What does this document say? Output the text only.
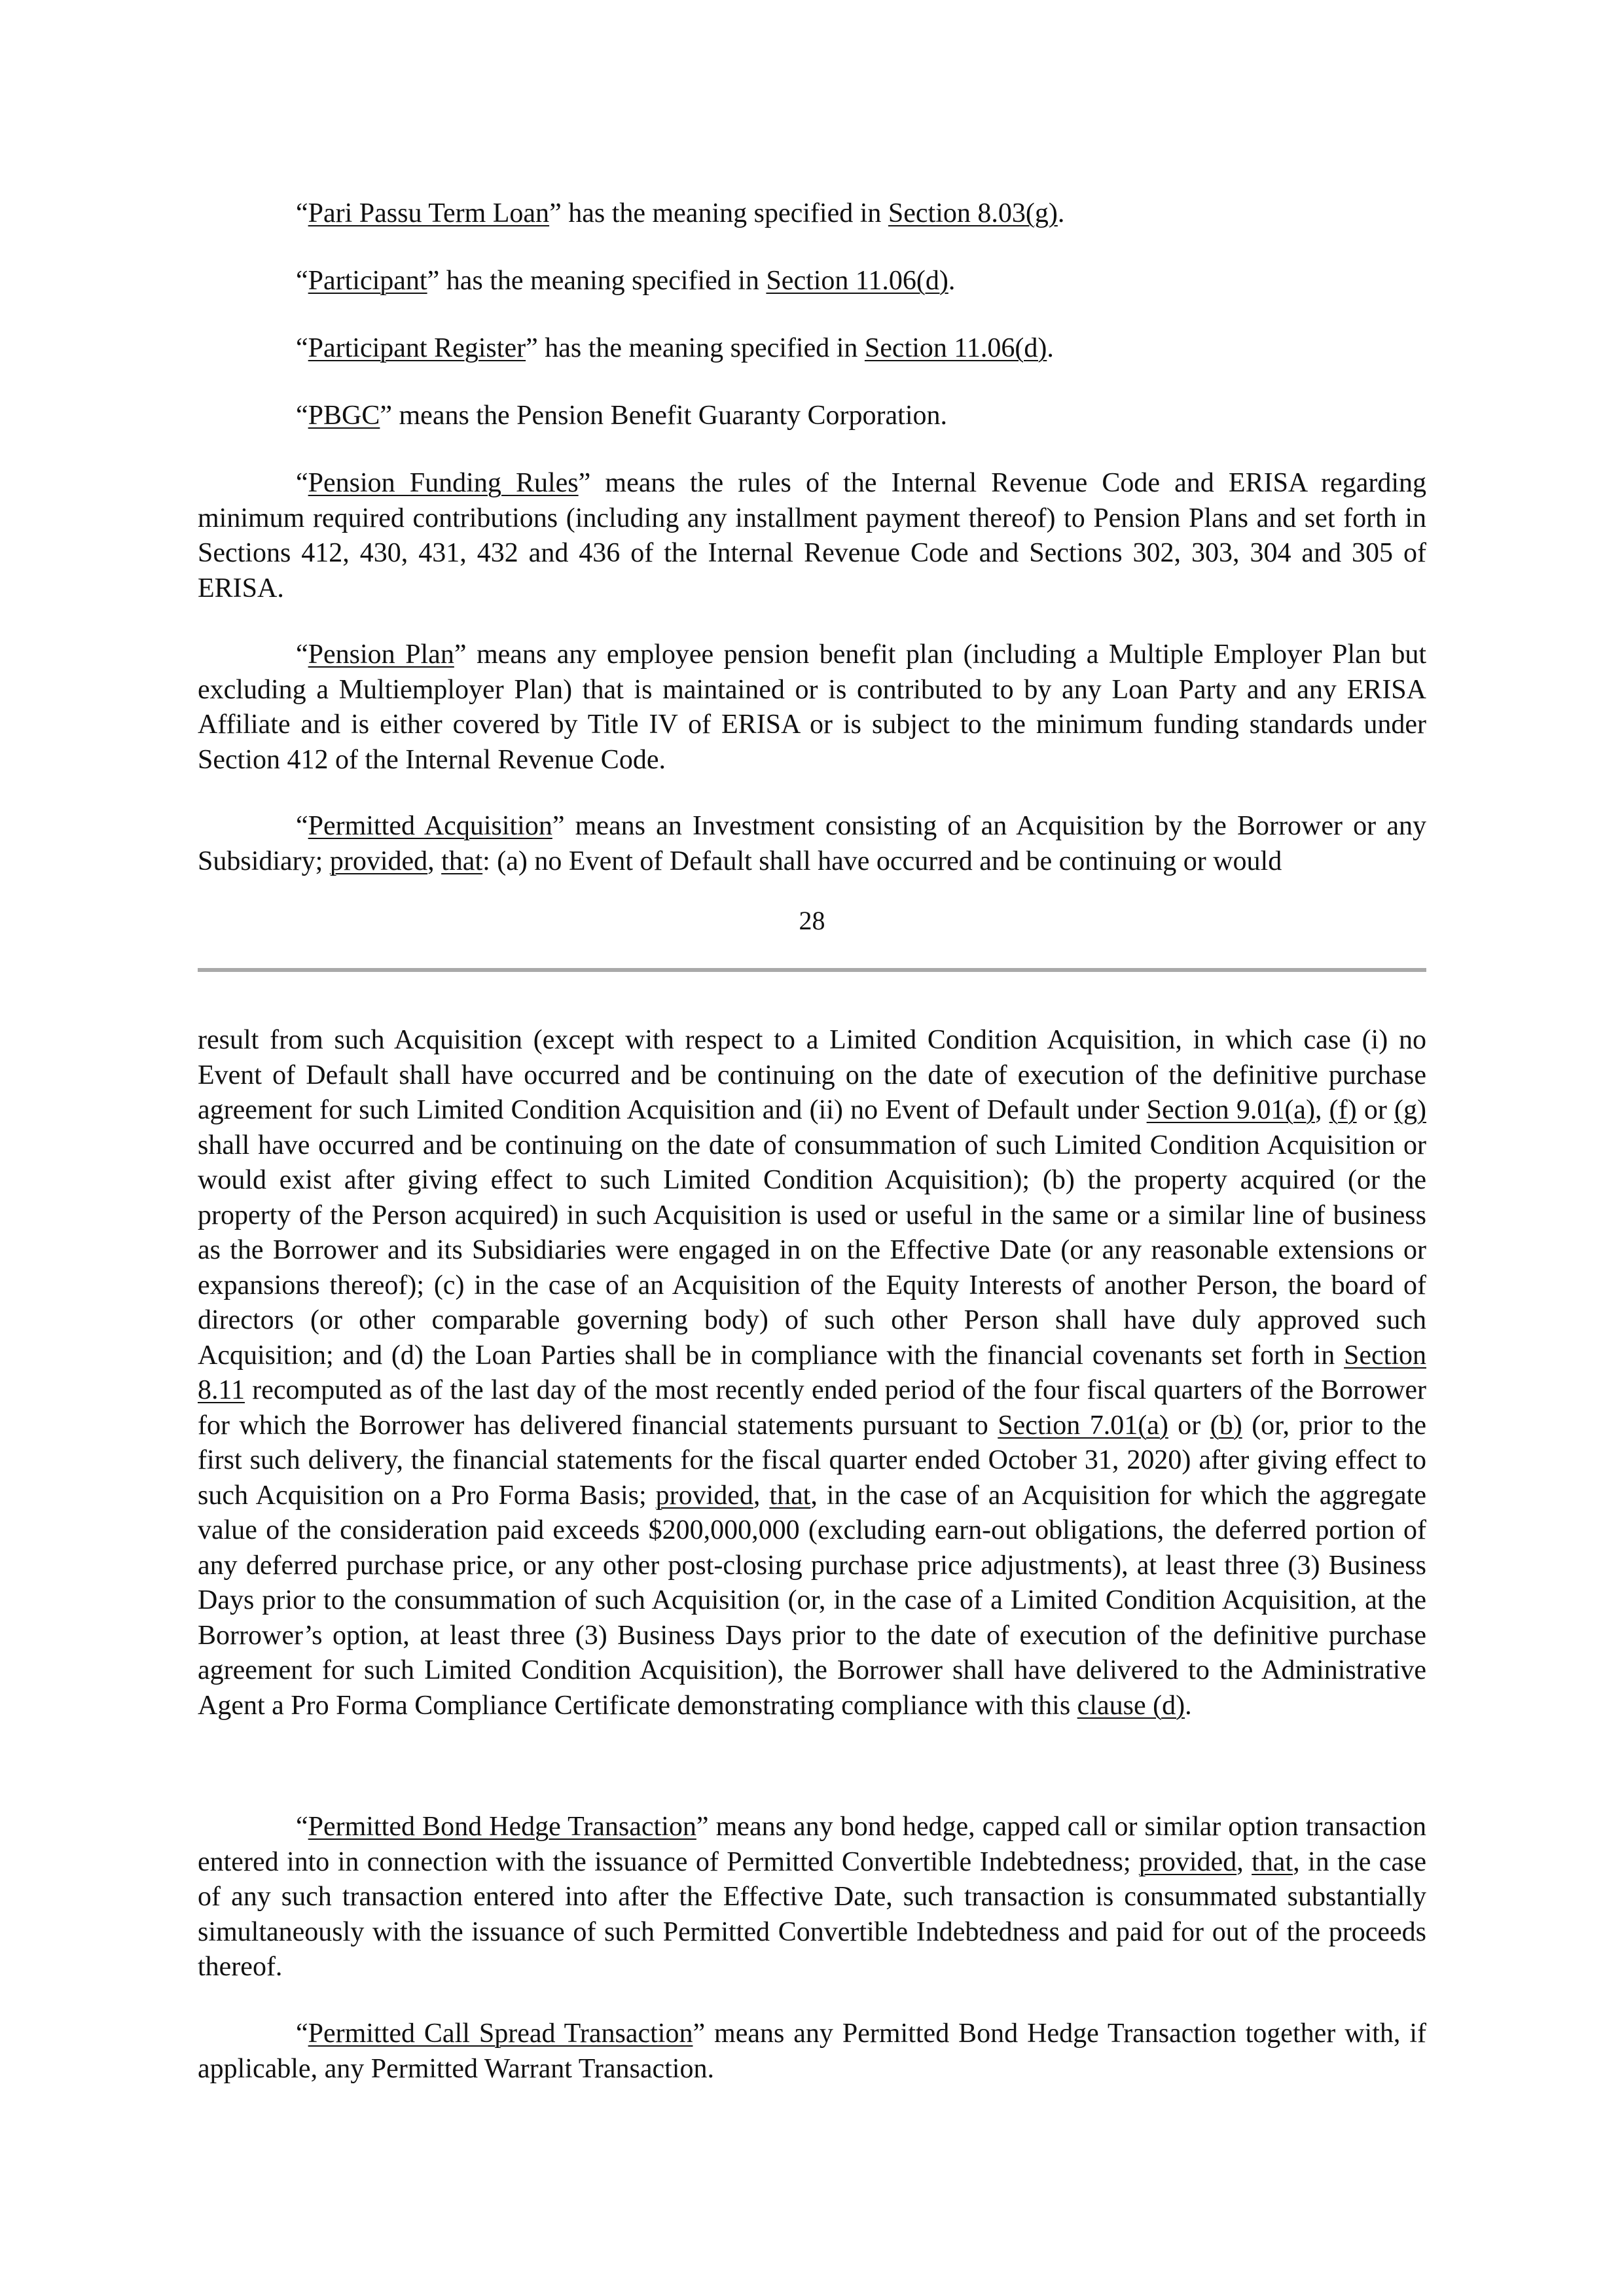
“Pari Passu Term Loan” has the meaning specified in Section 8.03(g).

“Participant” has the meaning specified in Section 11.06(d).

“Participant Register” has the meaning specified in Section 11.06(d).

“PBGC” means the Pension Benefit Guaranty Corporation.

“Pension Funding Rules” means the rules of the Internal Revenue Code and ERISA regarding minimum required contributions (including any installment payment thereof) to Pension Plans and set forth in Sections 412, 430, 431, 432 and 436 of the Internal Revenue Code and Sections 302, 303, 304 and 305 of ERISA.

“Pension Plan” means any employee pension benefit plan (including a Multiple Employer Plan but excluding a Multiemployer Plan) that is maintained or is contributed to by any Loan Party and any ERISA Affiliate and is either covered by Title IV of ERISA or is subject to the minimum funding standards under Section 412 of the Internal Revenue Code.

“Permitted Acquisition” means an Investment consisting of an Acquisition by the Borrower or any Subsidiary; provided, that: (a) no Event of Default shall have occurred and be continuing or would

28

result from such Acquisition (except with respect to a Limited Condition Acquisition, in which case (i) no Event of Default shall have occurred and be continuing on the date of execution of the definitive purchase agreement for such Limited Condition Acquisition and (ii) no Event of Default under Section 9.01(a), (f) or (g) shall have occurred and be continuing on the date of consummation of such Limited Condition Acquisition or would exist after giving effect to such Limited Condition Acquisition); (b) the property acquired (or the property of the Person acquired) in such Acquisition is used or useful in the same or a similar line of business as the Borrower and its Subsidiaries were engaged in on the Effective Date (or any reasonable extensions or expansions thereof); (c) in the case of an Acquisition of the Equity Interests of another Person, the board of directors (or other comparable governing body) of such other Person shall have duly approved such Acquisition; and (d) the Loan Parties shall be in compliance with the financial covenants set forth in Section 8.11 recomputed as of the last day of the most recently ended period of the four fiscal quarters of the Borrower for which the Borrower has delivered financial statements pursuant to Section 7.01(a) or (b) (or, prior to the first such delivery, the financial statements for the fiscal quarter ended October 31, 2020) after giving effect to such Acquisition on a Pro Forma Basis; provided, that, in the case of an Acquisition for which the aggregate value of the consideration paid exceeds $200,000,000 (excluding earn-out obligations, the deferred portion of any deferred purchase price, or any other post-closing purchase price adjustments), at least three (3) Business Days prior to the consummation of such Acquisition (or, in the case of a Limited Condition Acquisition, at the Borrower’s option, at least three (3) Business Days prior to the date of execution of the definitive purchase agreement for such Limited Condition Acquisition), the Borrower shall have delivered to the Administrative Agent a Pro Forma Compliance Certificate demonstrating compliance with this clause (d).

“Permitted Bond Hedge Transaction” means any bond hedge, capped call or similar option transaction entered into in connection with the issuance of Permitted Convertible Indebtedness; provided, that, in the case of any such transaction entered into after the Effective Date, such transaction is consummated substantially simultaneously with the issuance of such Permitted Convertible Indebtedness and paid for out of the proceeds thereof.

“Permitted Call Spread Transaction” means any Permitted Bond Hedge Transaction together with, if applicable, any Permitted Warrant Transaction.
